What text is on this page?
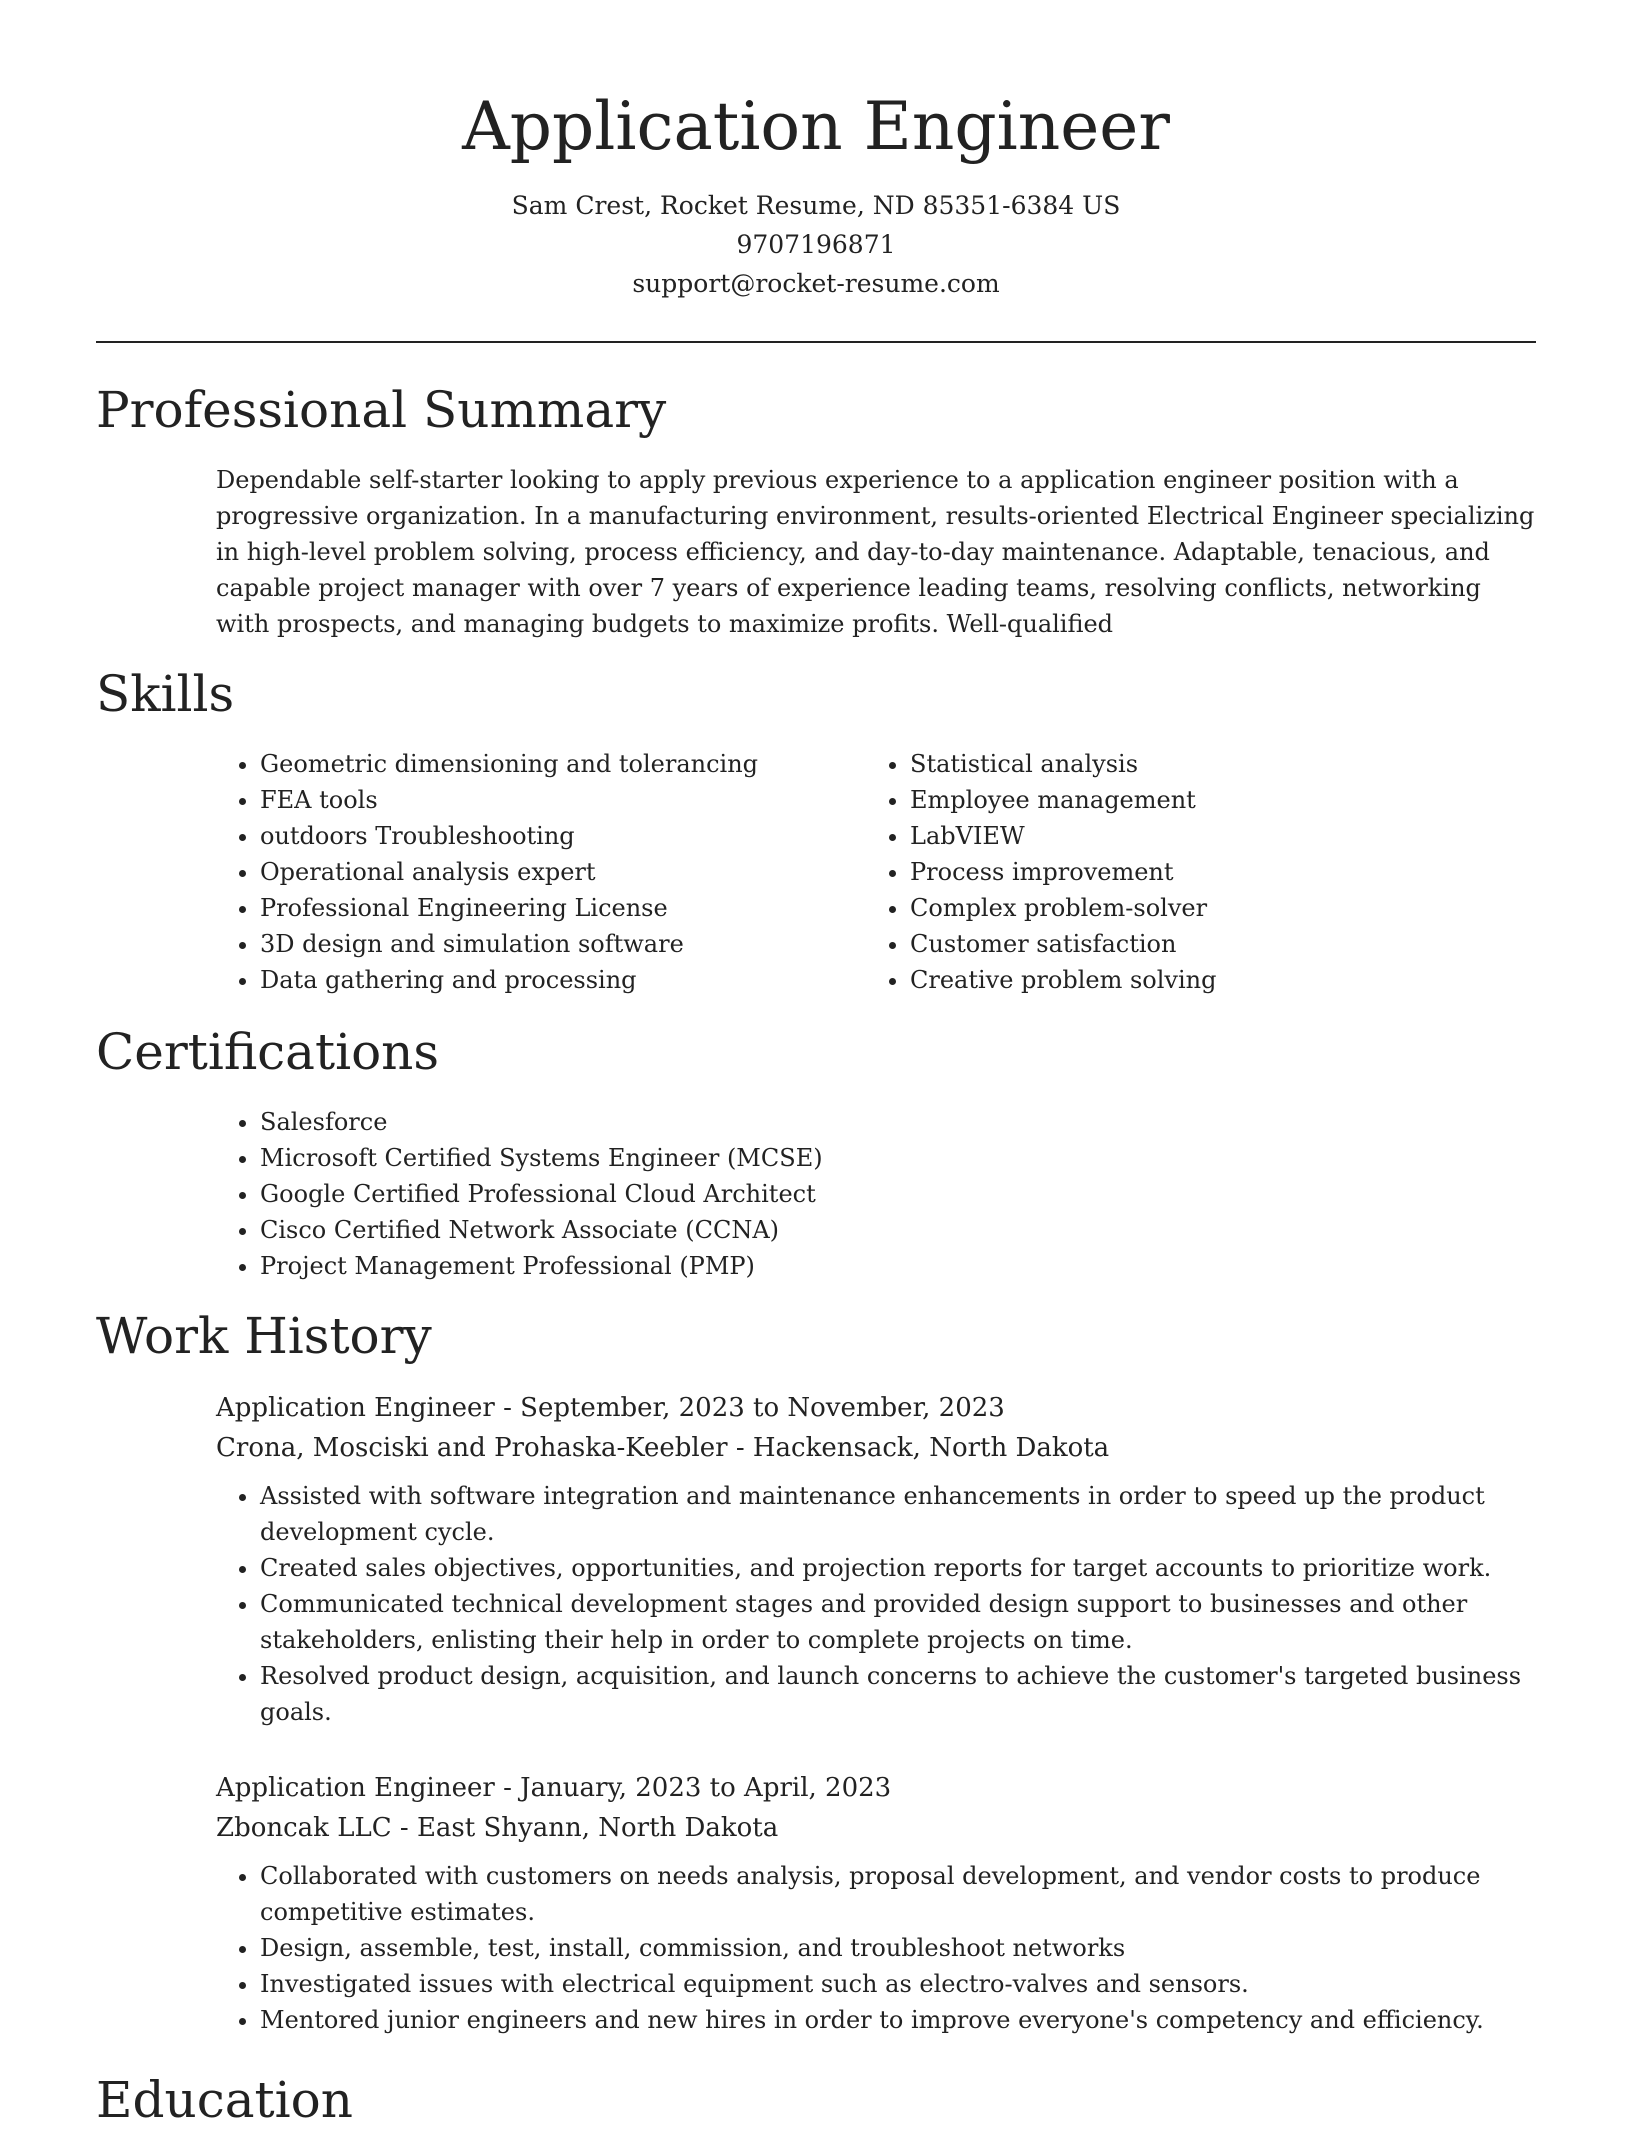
Application Engineer

Sam Crest, Rocket Resume, ND 85351-6384 US

9707196871

support@rocket-resume.com

Professional Summary

Dependable self-starter looking to apply previous experience to a application engineer position with a progressive organization. In a manufacturing environment, results-oriented Electrical Engineer specializing in high-level problem solving, process efficiency, and day-to-day maintenance. Adaptable, tenacious, and capable project manager with over 7 years of experience leading teams, resolving conflicts, networking with prospects, and managing budgets to maximize profits. Well-qualified

Skills
• Geometric dimensioning and tolerancing
• FEA tools
• outdoors Troubleshooting
• Operational analysis expert
• Professional Engineering License
• 3D design and simulation software
• Data gathering and processing
• Statistical analysis
• Employee management
• LabVIEW
• Process improvement
• Complex problem-solver
• Customer satisfaction
• Creative problem solving
Certifications
• Salesforce
• Microsoft Certified Systems Engineer (MCSE)
• Google Certified Professional Cloud Architect
• Cisco Certified Network Associate (CCNA)
• Project Management Professional (PMP)
Work History

Application Engineer - September, 2023 to November, 2023

Crona, Mosciski and Prohaska-Keebler - Hackensack, North Dakota

• Assisted with software integration and maintenance enhancements in order to speed up the product development cycle.
• Created sales objectives, opportunities, and projection reports for target accounts to prioritize work.
• Communicated technical development stages and provided design support to businesses and other stakeholders, enlisting their help in order to complete projects on time.
• Resolved product design, acquisition, and launch concerns to achieve the customer's targeted business goals.

Application Engineer - January, 2023 to April, 2023

Zboncak LLC - East Shyann, North Dakota

• Collaborated with customers on needs analysis, proposal development, and vendor costs to produce competitive estimates.
• Design, assemble, test, install, commission, and troubleshoot networks
• Investigated issues with electrical equipment such as electro-valves and sensors.
• Mentored junior engineers and new hires in order to improve everyone's competency and efficiency.
Education
